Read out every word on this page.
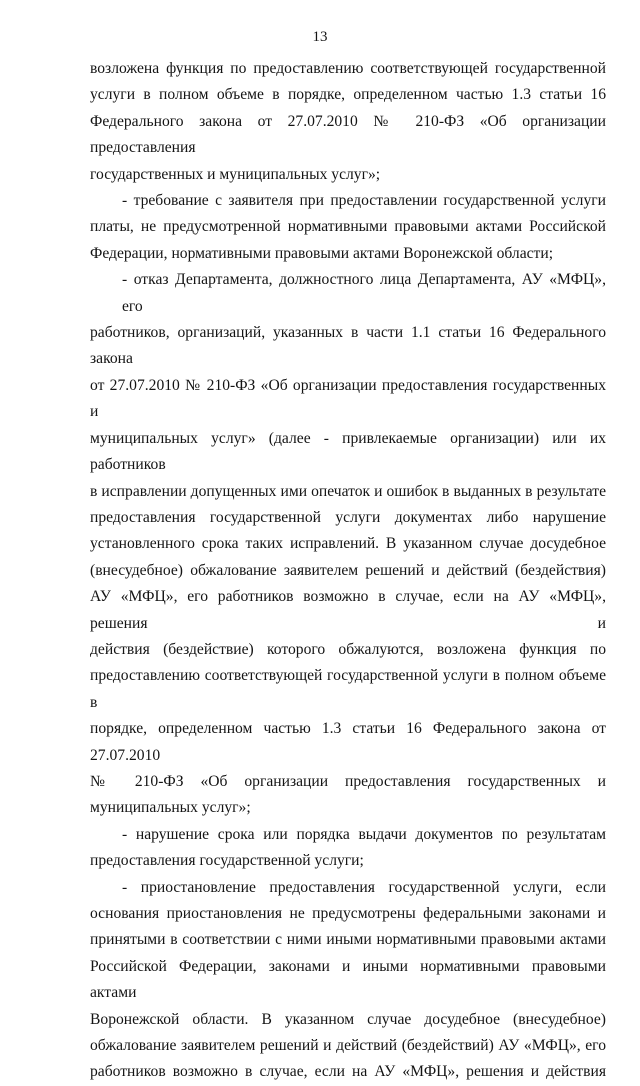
13
возложена функция по предоставлению соответствующей государственной
услуги в полном объеме в порядке, определенном частью 1.3 статьи 16
Федерального закона от 27.07.2010 № 210-ФЗ «Об организации предоставления
государственных и муниципальных услуг»;
- требование с заявителя при предоставлении государственной услуги
платы, не предусмотренной нормативными правовыми актами Российской
Федерации, нормативными правовыми актами Воронежской области;
- отказ Департамента, должностного лица Департамента, АУ «МФЦ», его
работников, организаций, указанных в части 1.1 статьи 16 Федерального закона
от 27.07.2010 № 210-ФЗ «Об организации предоставления государственных и
муниципальных услуг» (далее - привлекаемые организации) или их работников
в исправлении допущенных ими опечаток и ошибок в выданных в результате
предоставления государственной услуги документах либо нарушение
установленного срока таких исправлений. В указанном случае досудебное
(внесудебное) обжалование заявителем решений и действий (бездействия)
АУ «МФЦ», его работников возможно в случае, если на АУ «МФЦ», решения и
действия (бездействие) которого обжалуются, возложена функция по
предоставлению соответствующей государственной услуги в полном объеме в
порядке, определенном частью 1.3 статьи 16 Федерального закона от 27.07.2010
№ 210-ФЗ «Об организации предоставления государственных и
муниципальных услуг»;
- нарушение срока или порядка выдачи документов по результатам
предоставления государственной услуги;
- приостановление предоставления государственной услуги, если
основания приостановления не предусмотрены федеральными законами и
принятыми в соответствии с ними иными нормативными правовыми актами
Российской Федерации, законами и иными нормативными правовыми актами
Воронежской области. В указанном случае досудебное (внесудебное)
обжалование заявителем решений и действий (бездействий) АУ «МФЦ», его
работников возможно в случае, если на АУ «МФЦ», решения и действия
